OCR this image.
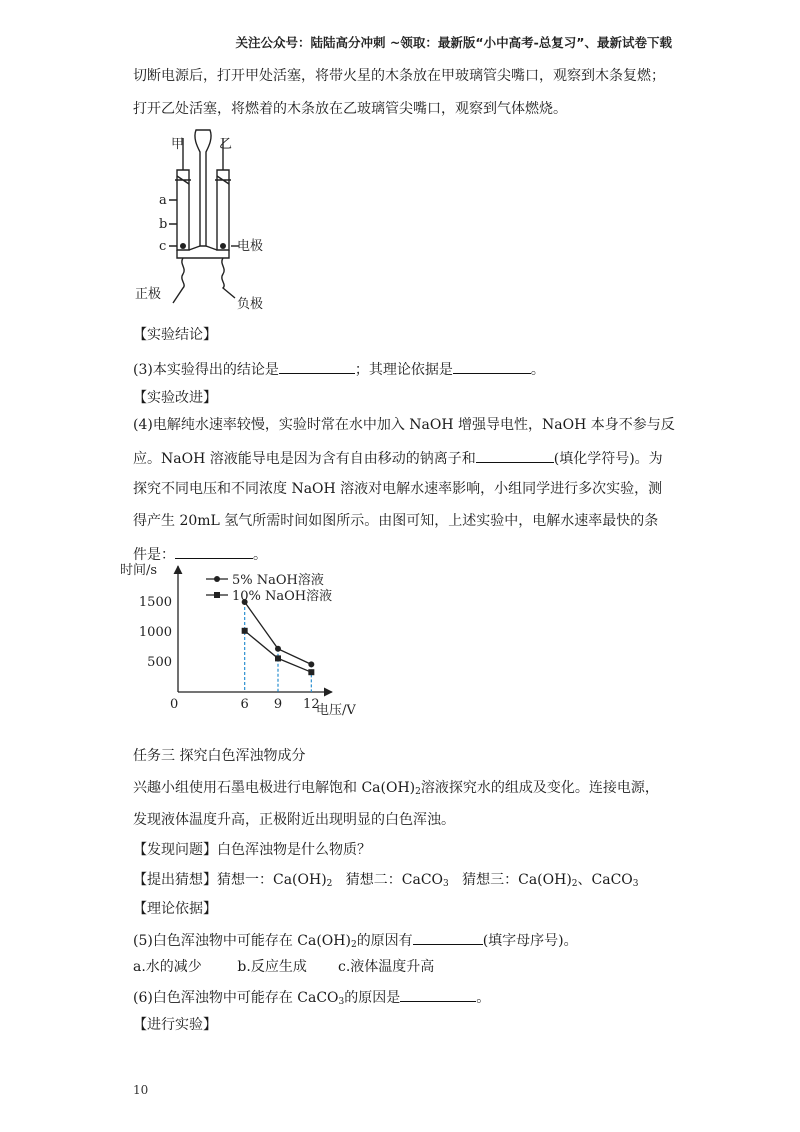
关注公众号：陆陆高分冲刺 ~领取：最新版“小中高考-总复习”、最新试卷下载
切断电源后，打开甲处活塞，将带火星的木条放在甲玻璃管尖嘴口，观察到木条复燃；
打开乙处活塞，将燃着的木条放在乙玻璃管尖嘴口，观察到气体燃烧。
甲	乙
a
b
c	电极
正极
负极
【实验结论】
(3)本实验得出的结论是	；其理论依据是	。
【实验改进】
(4)电解纯水速率较慢，实验时常在水中加入 NaOH 增强导电性，NaOH 本身不参与反
应。NaOH 溶液能导电是因为含有自由移动的钠离子和	(填化学符号)。为
探究不同电压和不同浓度 NaOH 溶液对电解水速率影响，小组同学进行多次实验，测
得产生 20mL 氢气所需时间如图所示。由图可知，上述实验中，电解水速率最快的条
件是：	。
时间/s
电压/V
0
1500
1000
500
6 9 12
5% NaOH溶液
10% NaOH溶液
任务三 探究白色浑浊物成分
兴趣小组使用石墨电极进行电解饱和 $Ca(OH)_2$溶液探究水的组成及变化。连接电源，
发现液体温度升高，正极附近出现明显的白色浑浊。
【发现问题】白色浑浊物是什么物质？
【提出猜想】猜想一：$Ca(OH)_2$ 猜想二：CaCO$_3$ 猜想三：$Ca(OH)_2$、CaCO$_3$
【理论依据】
(5)白色浑浊物中可能存在 $Ca(OH)_2$的原因有	(填字母序号)。
a.水的减少	b.反应生成 c.液体温度升高
(6)白色浑浊物中可能存在 CaCO$_3$的原因是	。
【进行实验】
10
